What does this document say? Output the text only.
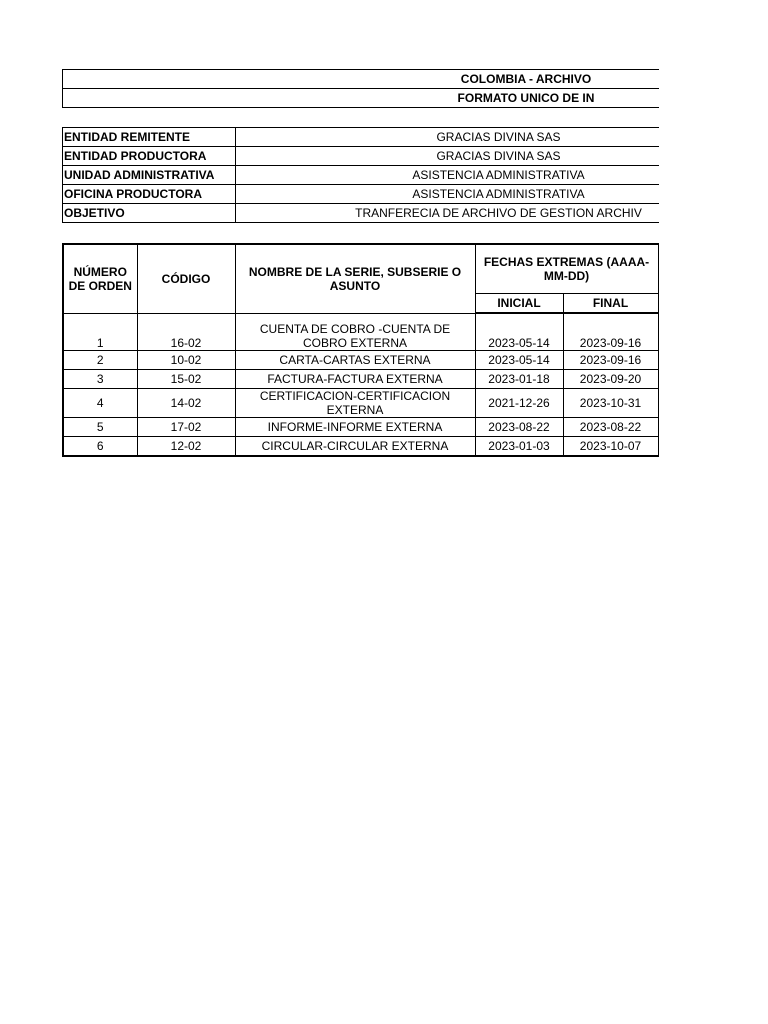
COLOMBIA - ARCHIVO
FORMATO UNICO DE IN
ENTIDAD REMITENTE	GRACIAS DIVINA SAS
ENTIDAD PRODUCTORA	GRACIAS DIVINA SAS
UNIDAD ADMINISTRATIVA	ASISTENCIA ADMINISTRATIVA
OFICINA PRODUCTORA	ASISTENCIA ADMINISTRATIVA
OBJETIVO	TRANFERECIA DE ARCHIVO DE GESTION ARCHIV
NÚMERO DE ORDEN	CÓDIGO	NOMBRE DE LA SERIE, SUBSERIE O ASUNTO	FECHAS EXTREMAS (AAAA-MM-DD)		
			INICIAL	FINAL	
1	16-02	CUENTA DE COBRO -CUENTA DE COBRO EXTERNA	2023-05-14	2023-09-16	
2	10-02	CARTA-CARTAS EXTERNA	2023-05-14	2023-09-16	
3	15-02	FACTURA-FACTURA EXTERNA	2023-01-18	2023-09-20	
4	14-02	CERTIFICACION-CERTIFICACION EXTERNA	2021-12-26	2023-10-31	
5	17-02	INFORME-INFORME EXTERNA	2023-08-22	2023-08-22	
6	12-02	CIRCULAR-CIRCULAR EXTERNA	2023-01-03	2023-10-07	
